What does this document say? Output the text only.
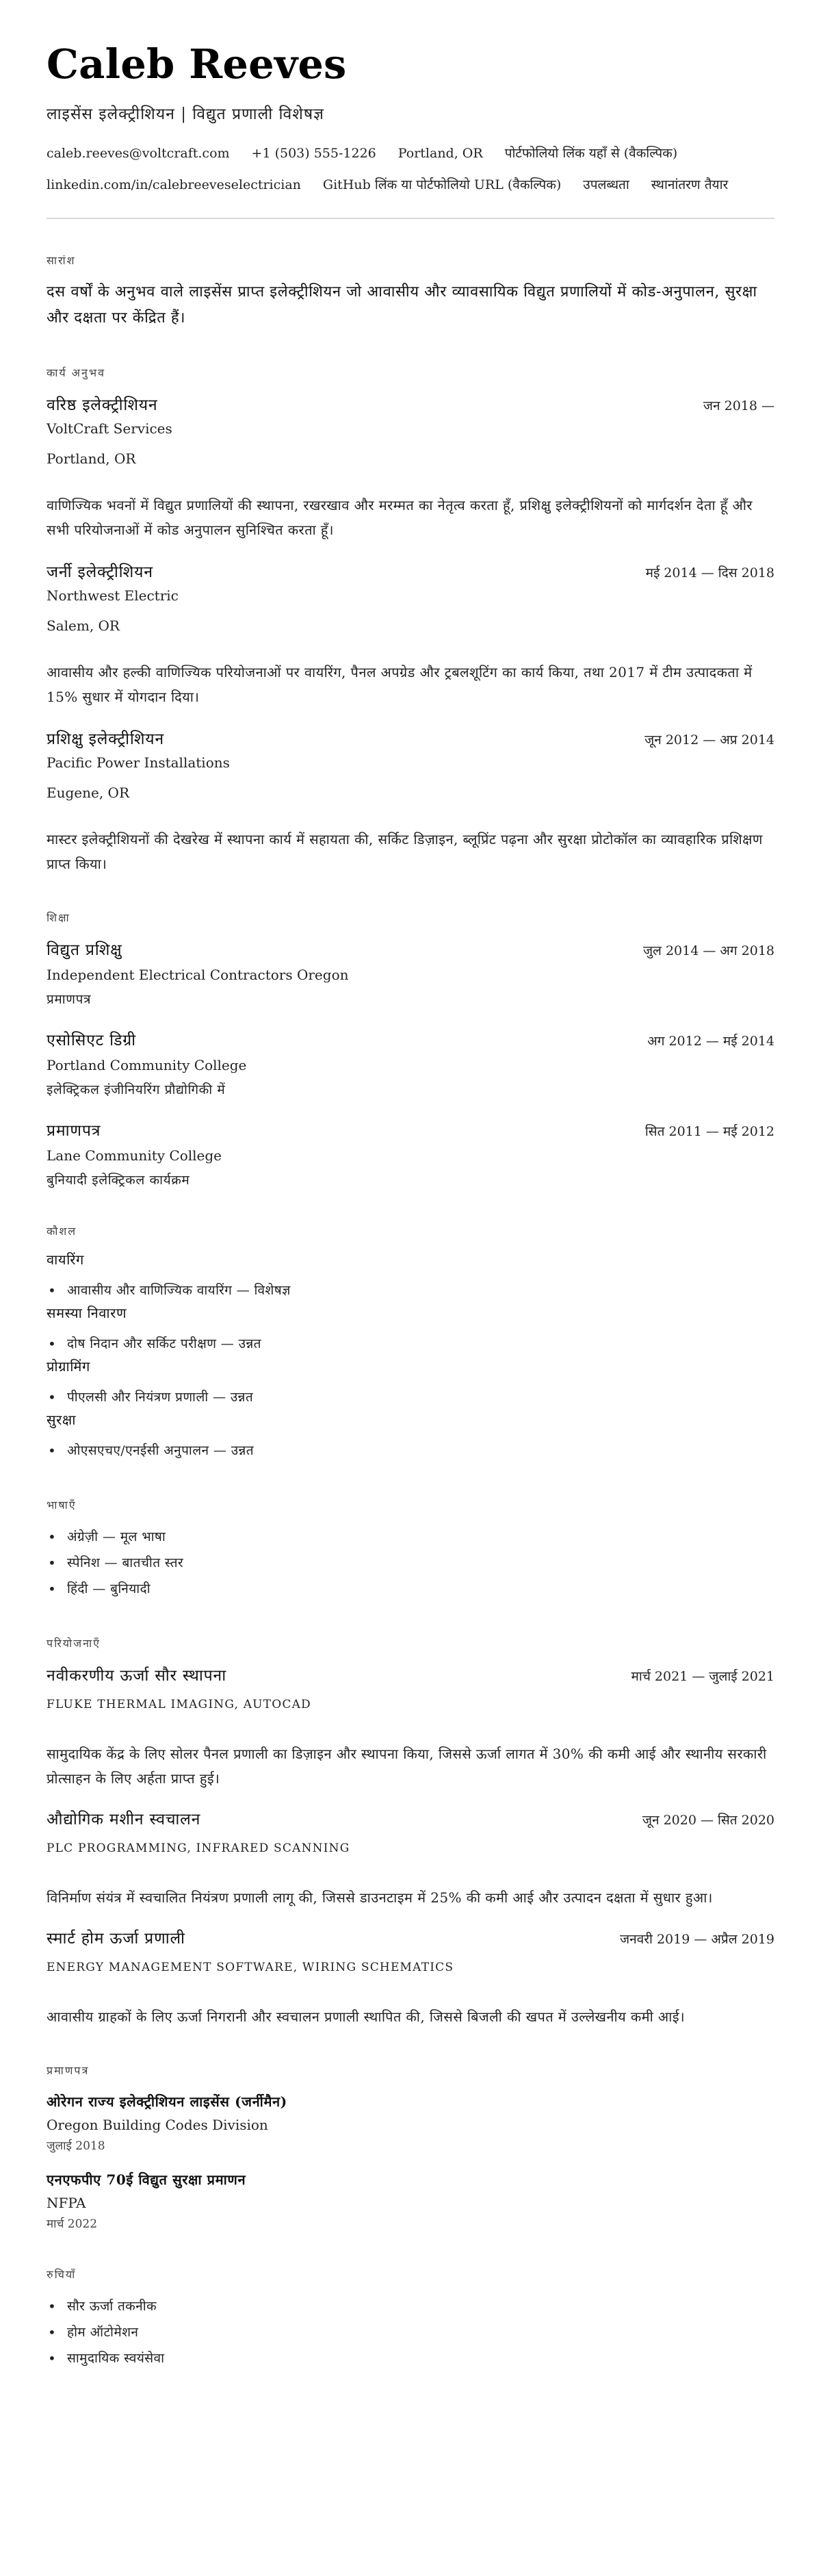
Caleb Reeves
लाइसेंस इलेक्ट्रीशियन | विद्युत प्रणाली विशेषज्ञ
caleb.reeves@voltcraft.com +1 (503) 555-1226 Portland, OR पोर्टफोलियो लिंक यहाँ से (वैकल्पिक)
linkedin.com/in/calebreeveselectrician GitHub लिंक या पोर्टफोलियो URL (वैकल्पिक) उपलब्धता स्थानांतरण तैयार
सारांश
दस वर्षों के अनुभव वाले लाइसेंस प्राप्त इलेक्ट्रीशियन जो आवासीय और व्यावसायिक विद्युत प्रणालियों में कोड-अनुपालन, सुरक्षा और दक्षता पर केंद्रित हैं।
कार्य अनुभव
वरिष्ठ इलेक्ट्रीशियन	जन 2018 —
VoltCraft Services
Portland, OR
वाणिज्यिक भवनों में विद्युत प्रणालियों की स्थापना, रखरखाव और मरम्मत का नेतृत्व करता हूँ, प्रशिक्षु इलेक्ट्रीशियनों को मार्गदर्शन देता हूँ और सभी परियोजनाओं में कोड अनुपालन सुनिश्चित करता हूँ।
जर्नी इलेक्ट्रीशियन	मई 2014 — दिस 2018
Northwest Electric
Salem, OR
आवासीय और हल्की वाणिज्यिक परियोजनाओं पर वायरिंग, पैनल अपग्रेड और ट्रबलशूटिंग का कार्य किया, तथा 2017 में टीम उत्पादकता में 15% सुधार में योगदान दिया।
प्रशिक्षु इलेक्ट्रीशियन	जून 2012 — अप्र 2014
Pacific Power Installations
Eugene, OR
मास्टर इलेक्ट्रीशियनों की देखरेख में स्थापना कार्य में सहायता की, सर्किट डिज़ाइन, ब्लूप्रिंट पढ़ना और सुरक्षा प्रोटोकॉल का व्यावहारिक प्रशिक्षण प्राप्त किया।
शिक्षा
विद्युत प्रशिक्षु	जुल 2014 — अग 2018
Independent Electrical Contractors Oregon
प्रमाणपत्र
एसोसिएट डिग्री	अग 2012 — मई 2014
Portland Community College
इलेक्ट्रिकल इंजीनियरिंग प्रौद्योगिकी में
प्रमाणपत्र	सित 2011 — मई 2012
Lane Community College
बुनियादी इलेक्ट्रिकल कार्यक्रम
कौशल
वायरिंग
• आवासीय और वाणिज्यिक वायरिंग — विशेषज्ञ
समस्या निवारण
• दोष निदान और सर्किट परीक्षण — उन्नत
प्रोग्रामिंग
• पीएलसी और नियंत्रण प्रणाली — उन्नत
सुरक्षा
• ओएसएचए/एनईसी अनुपालन — उन्नत
भाषाएँ
• अंग्रेज़ी — मूल भाषा
• स्पेनिश — बातचीत स्तर
• हिंदी — बुनियादी
परियोजनाएँ
नवीकरणीय ऊर्जा सौर स्थापना	मार्च 2021 — जुलाई 2021
FLUKE THERMAL IMAGING, AUTOCAD
सामुदायिक केंद्र के लिए सोलर पैनल प्रणाली का डिज़ाइन और स्थापना किया, जिससे ऊर्जा लागत में 30% की कमी आई और स्थानीय सरकारी प्रोत्साहन के लिए अर्हता प्राप्त हुई।
औद्योगिक मशीन स्वचालन	जून 2020 — सित 2020
PLC PROGRAMMING, INFRARED SCANNING
विनिर्माण संयंत्र में स्वचालित नियंत्रण प्रणाली लागू की, जिससे डाउनटाइम में 25% की कमी आई और उत्पादन दक्षता में सुधार हुआ।
स्मार्ट होम ऊर्जा प्रणाली	जनवरी 2019 — अप्रैल 2019
ENERGY MANAGEMENT SOFTWARE, WIRING SCHEMATICS
आवासीय ग्राहकों के लिए ऊर्जा निगरानी और स्वचालन प्रणाली स्थापित की, जिससे बिजली की खपत में उल्लेखनीय कमी आई।
प्रमाणपत्र
ओरेगन राज्य इलेक्ट्रीशियन लाइसेंस (जर्नीमैन)
Oregon Building Codes Division
जुलाई 2018
एनएफपीए 70ई विद्युत सुरक्षा प्रमाणन
NFPA
मार्च 2022
रुचियाँ
• सौर ऊर्जा तकनीक
• होम ऑटोमेशन
• सामुदायिक स्वयंसेवा
